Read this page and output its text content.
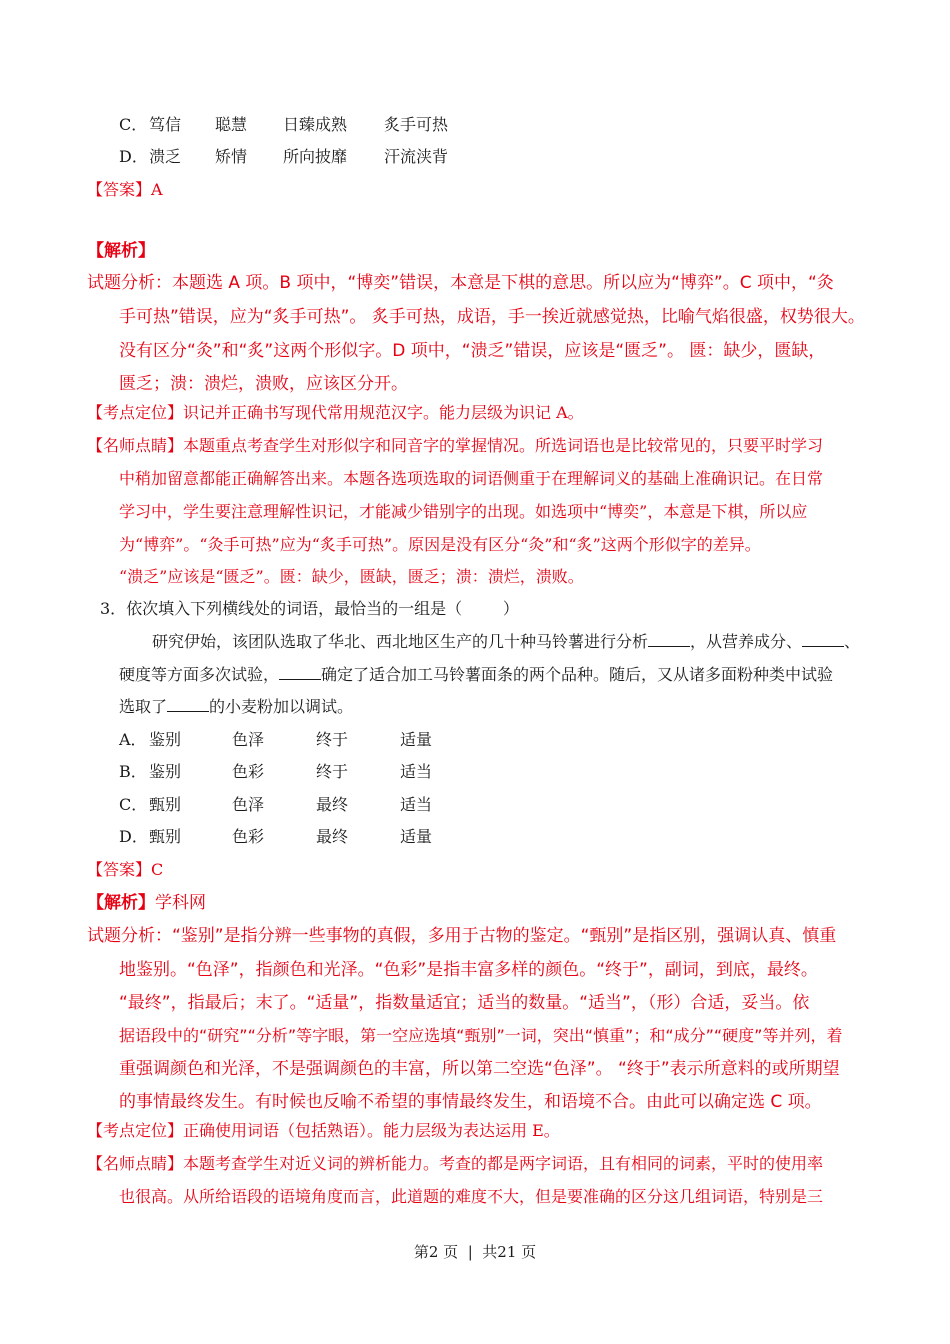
C． 笃信 聪慧 日臻成熟 炙手可热
D． 溃乏 矫情 所向披靡 汗流浃背
【答案】A
【解析】
试题分析：本题选 A 项。B 项中，“博奕”错误，本意是下棋的意思。所以应为“博弈”。C 项中，“灸
手可热”错误，应为“炙手可热”。 炙手可热，成语，手一挨近就感觉热，比喻气焰很盛，权势很大。
没有区分“灸”和“炙”这两个形似字。D 项中，“溃乏”错误，应该是“匮乏”。 匮：缺少，匮缺，
匮乏；溃：溃烂，溃败，应该区分开。
【考点定位】识记并正确书写现代常用规范汉字。能力层级为识记 A。
【名师点睛】本题重点考查学生对形似字和同音字的掌握情况。所选词语也是比较常见的，只要平时学习
中稍加留意都能正确解答出来。本题各选项选取的词语侧重于在理解词义的基础上准确识记。在日常
学习中，学生要注意理解性识记，才能减少错别字的出现。如选项中“博奕”，本意是下棋，所以应
为“博弈”。“灸手可热”应为“炙手可热”。原因是没有区分“灸”和“炙”这两个形似字的差异。
“溃乏”应该是“匮乏”。匮：缺少，匮缺，匮乏；溃：溃烂，溃败。
3．依次填入下列横线处的词语，最恰当的一组是（        ）
研究伊始，该团队选取了华北、西北地区生产的几十种马铃薯进行分析	，从营养成分、	、
硬度等方面多次试验，	确定了适合加工马铃薯面条的两个品种。随后，又从诸多面粉种类中试验
选取了	的小麦粉加以调试。
A． 鉴别	色泽	终于	适量
B． 鉴别	色彩	终于	适当
C． 甄别	色泽	最终	适当
D． 甄别	色彩	最终	适量
【答案】C
【解析】学科网
试题分析：“鉴别”是指分辨一些事物的真假，多用于古物的鉴定。“甄别”是指区别，强调认真、慎重
地鉴别。“色泽”，指颜色和光泽。“色彩”是指丰富多样的颜色。“终于”，副词，到底，最终。
“最终”，指最后；末了。“适量”，指数量适宜；适当的数量。“适当”，（形）合适，妥当。依
据语段中的“研究”“分析”等字眼，第一空应选填“甄别”一词，突出“慎重”；和“成分”“硬度”等并列，着
重强调颜色和光泽，不是强调颜色的丰富，所以第二空选“色泽”。 “终于”表示所意料的或所期望
的事情最终发生。有时候也反喻不希望的事情最终发生，和语境不合。由此可以确定选 C 项。
【考点定位】正确使用词语（包括熟语）。能力层级为表达运用 E。
【名师点睛】本题考查学生对近义词的辨析能力。考查的都是两字词语，且有相同的词素，平时的使用率
也很高。从所给语段的语境角度而言，此道题的难度不大，但是要准确的区分这几组词语，特别是三
第2 页  |  共21 页
